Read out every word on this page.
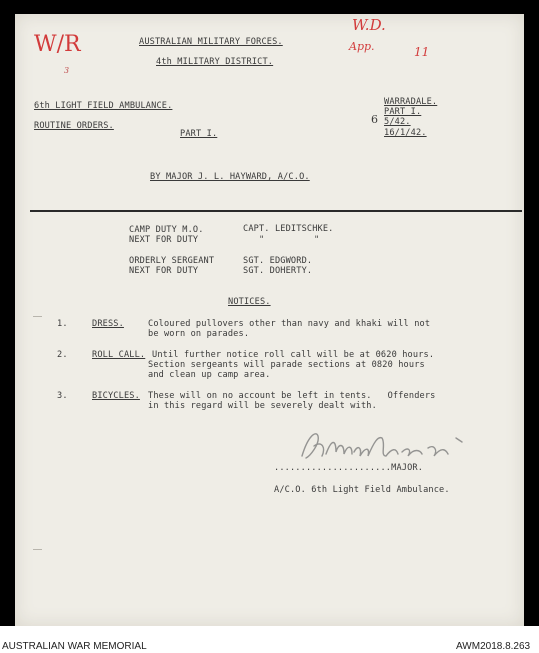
W.D.
App.	11
W/R
3
AUSTRALIAN MILITARY FORCES.
4th MILITARY DISTRICT.
6th LIGHT FIELD AMBULANCE.
ROUTINE ORDERS.
PART I.
WARRADALE.
PART I.
5/42.
16/1/42.
6
BY MAJOR J. L. HAYWARD, A/C.O.
CAMP DUTY M.O.	CAPT. LEDITSCHKE.
NEXT FOR DUTY	"	"
ORDERLY SERGEANT	SGT. EDGWORD.
NEXT FOR DUTY	SGT. DOHERTY.
NOTICES.
1.	DRESS.	Coloured pullovers other than navy and khaki will not
be worn on parades.
2.	ROLL CALL. Until further notice roll call will be at 0620 hours.
Section sergeants will parade sections at 0820 hours
and clean up camp area.
3.	BICYCLES. These will on no account be left in tents.   Offenders
in this regard will be severely dealt with.
......................MAJOR.
A/C.O. 6th Light Field Ambulance.
AUSTRALIAN WAR MEMORIAL	AWM2018.8.263
